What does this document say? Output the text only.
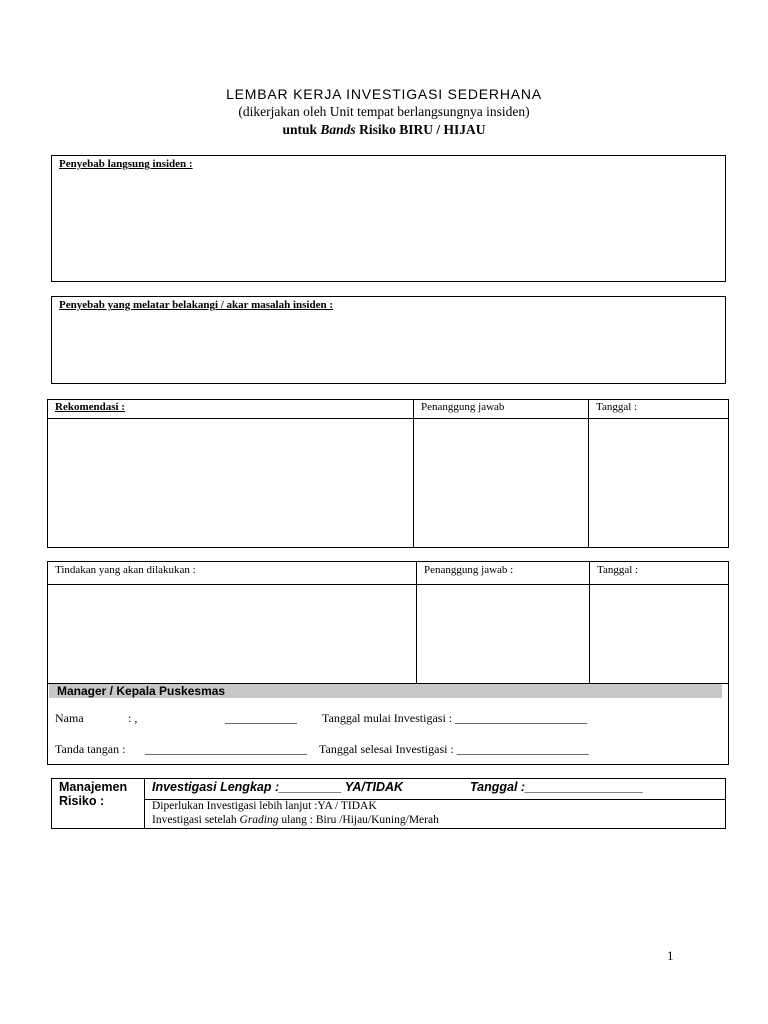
LEMBAR KERJA INVESTIGASI SEDERHANA
(dikerjakan oleh Unit tempat berlangsungnya insiden)
untuk Bands Risiko BIRU / HIJAU
Penyebab langsung insiden :
Penyebab yang melatar belakangi / akar masalah insiden :
Rekomendasi :	Penanggung jawab	Tanggal :
Tindakan yang akan dilakukan :	Penanggung jawab :	Tanggal :
Manager / Kepala Puskesmas
Nama	: ,	____________ Tanggal mulai Investigasi : ______________________
Tanda tangan : ___________________________ Tanggal selesai Investigasi : ______________________
Manajemen
Risiko :
Investigasi Lengkap :_________ YA/TIDAK	Tanggal :_________________
Diperlukan Investigasi lebih lanjut :YA / TIDAK
Investigasi setelah Grading ulang : Biru /Hijau/Kuning/Merah
1
